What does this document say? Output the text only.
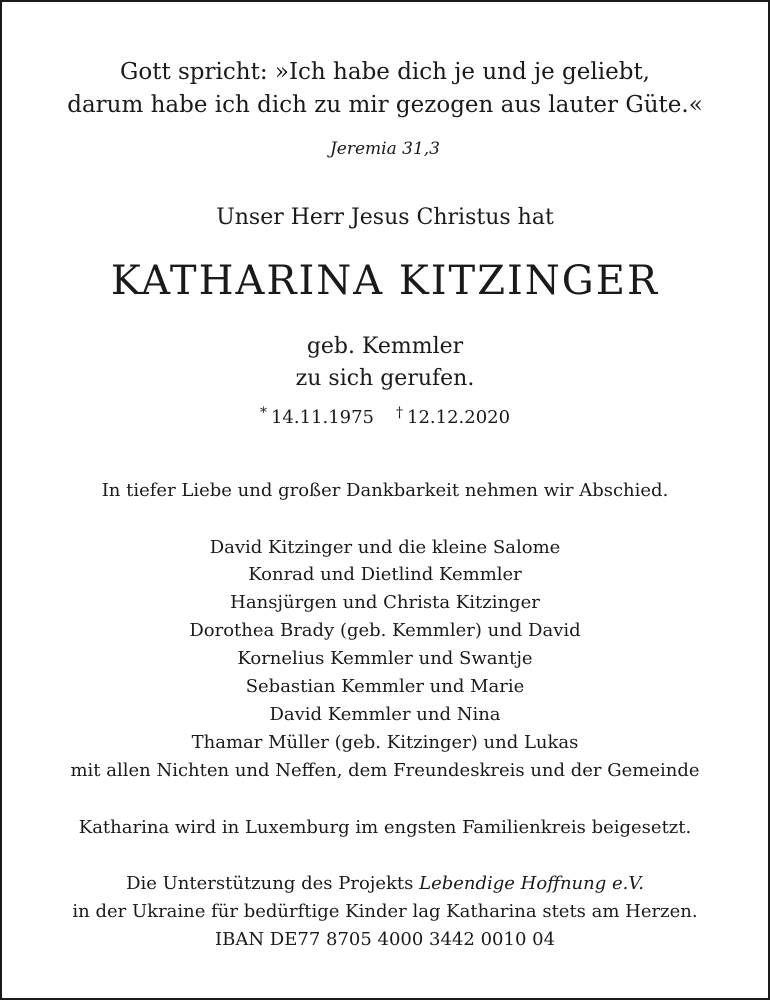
Gott spricht: »Ich habe dich je und je geliebt,
darum habe ich dich zu mir gezogen aus lauter Güte.«
Jeremia 31,3
Unser Herr Jesus Christus hat
KATHARINA KITZINGER
geb. Kemmler
zu sich gerufen.
* 14.11.1975 † 12.12.2020
In tiefer Liebe und großer Dankbarkeit nehmen wir Abschied.
David Kitzinger und die kleine Salome
Konrad und Dietlind Kemmler
Hansjürgen und Christa Kitzinger
Dorothea Brady (geb. Kemmler) und David
Kornelius Kemmler und Swantje
Sebastian Kemmler und Marie
David Kemmler und Nina
Thamar Müller (geb. Kitzinger) und Lukas
mit allen Nichten und Neffen, dem Freundeskreis und der Gemeinde
Katharina wird in Luxemburg im engsten Familienkreis beigesetzt.
Die Unterstützung des Projekts Lebendige Hoffnung e.V.
in der Ukraine für bedürftige Kinder lag Katharina stets am Herzen.
IBAN DE77 8705 4000 3442 0010 04
